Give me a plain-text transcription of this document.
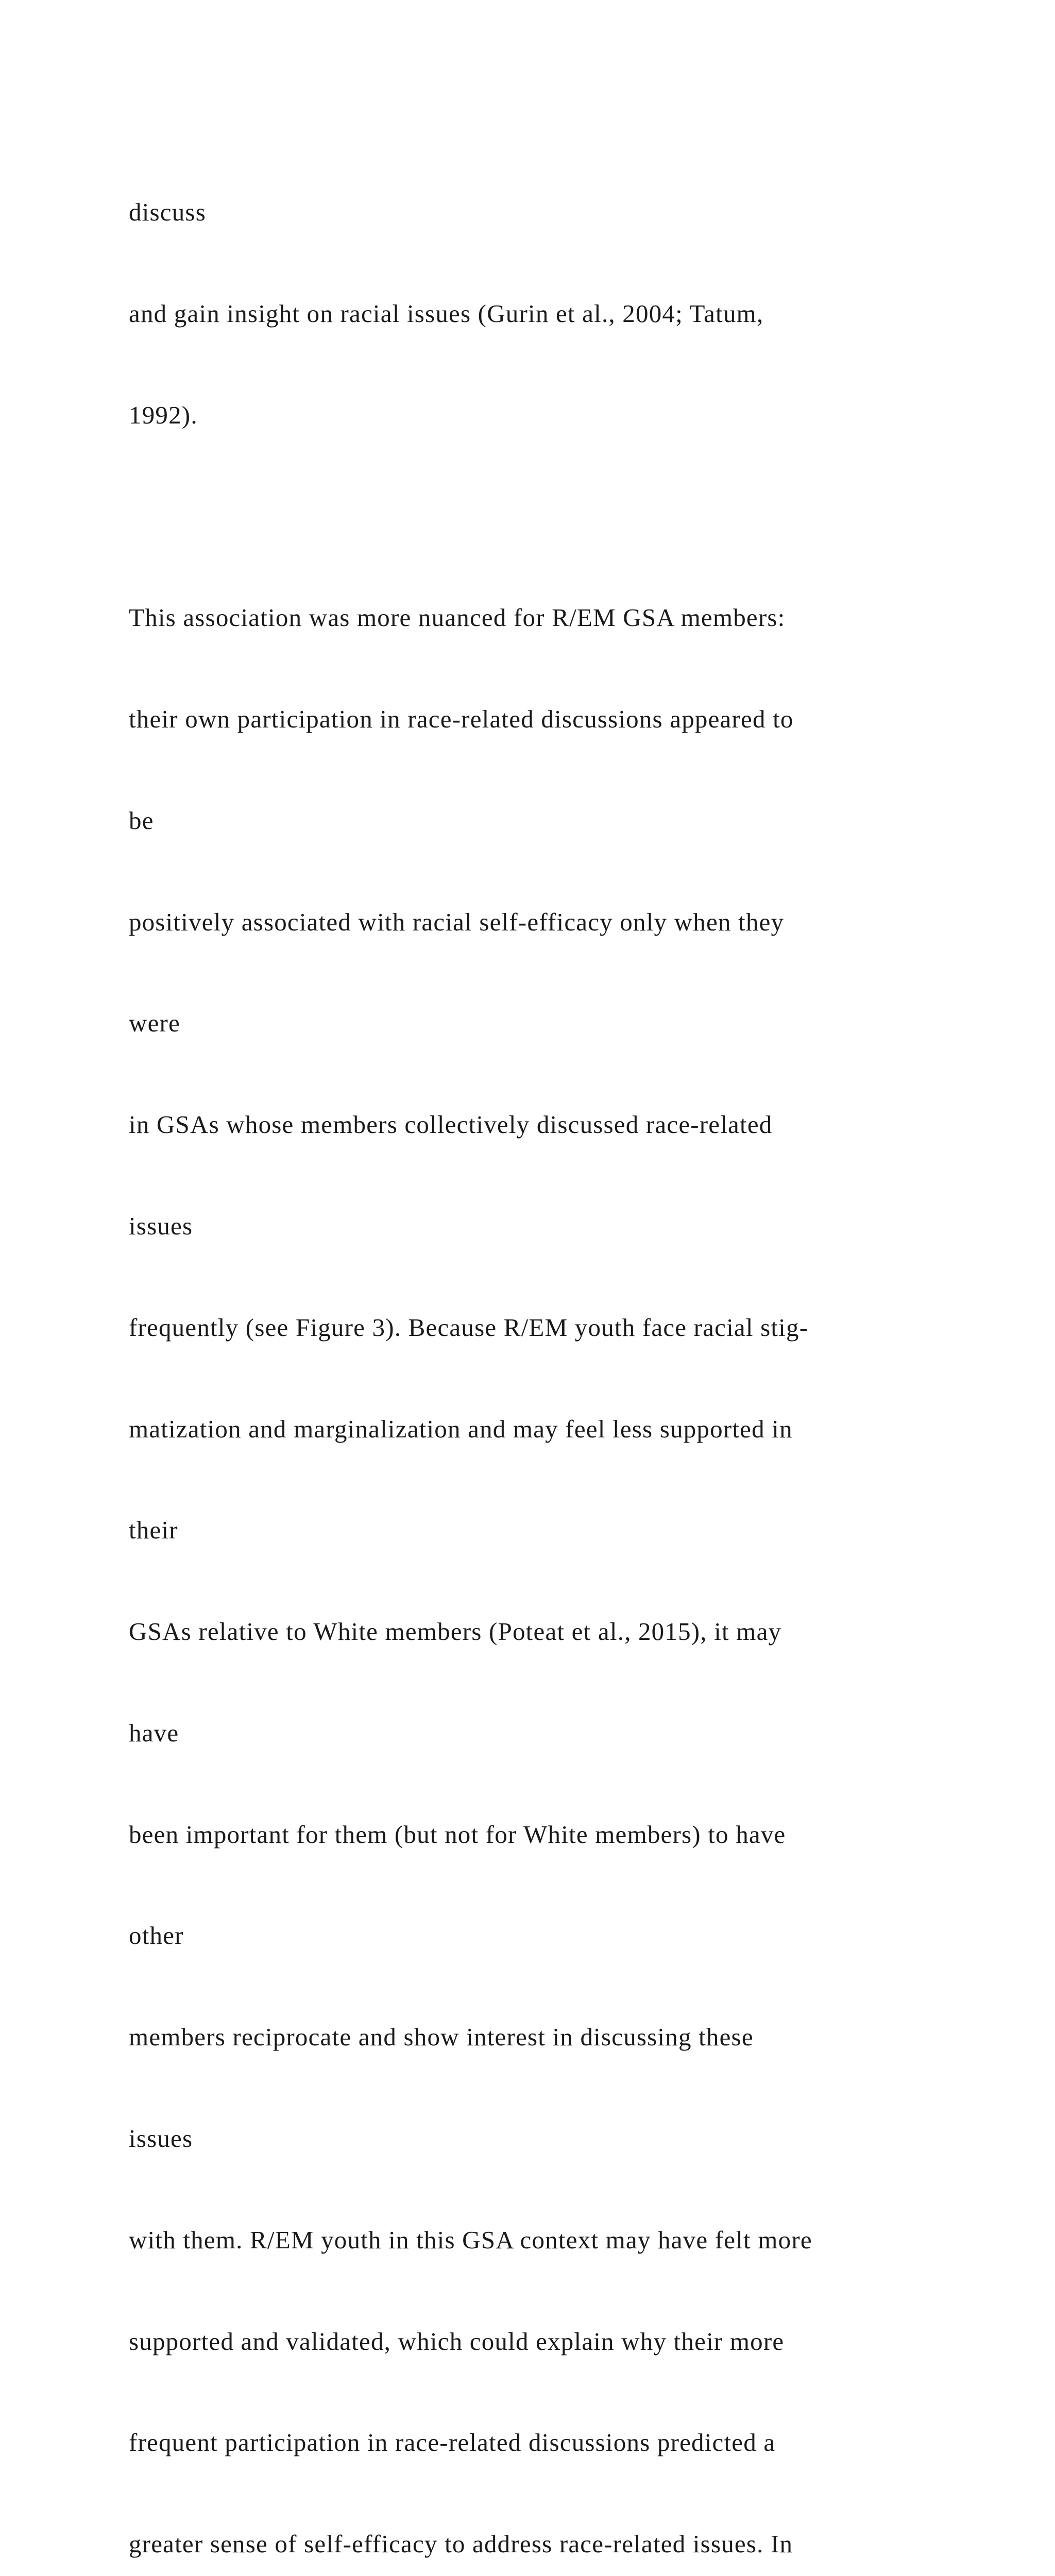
discuss

and gain insight on racial issues (Gurin et al., 2004; Tatum,

1992).

This association was more nuanced for R/EM GSA members:

their own participation in race-related discussions appeared to

be

positively associated with racial self-efficacy only when they

were

in GSAs whose members collectively discussed race-related

issues

frequently (see Figure 3). Because R/EM youth face racial stig-

matization and marginalization and may feel less supported in

their

GSAs relative to White members (Poteat et al., 2015), it may

have

been important for them (but not for White members) to have

other

members reciprocate and show interest in discussing these

issues

with them. R/EM youth in this GSA context may have felt more

supported and validated, which could explain why their more

frequent participation in race-related discussions predicted a

greater sense of self-efficacy to address race-related issues. In
